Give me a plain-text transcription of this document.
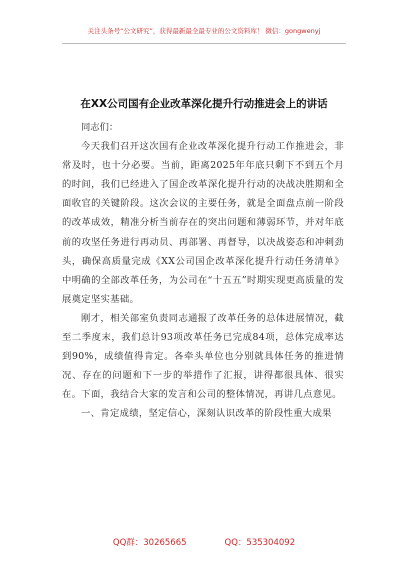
关注头条号“公文研究”，获得最新最全最专业的公文资料库！ 微信：gongwenyj
在XX公司国有企业改革深化提升行动推进会上的讲话

同志们：

今天我们召开这次国有企业改革深化提升行动工作推进会，非常及时，也十分必要。当前，距离2025年年底只剩下不到五个月的时间，我们已经进入了国企改革深化提升行动的决战决胜期和全面收官的关键阶段。这次会议的主要任务，就是全面盘点前一阶段的改革成效，精准分析当前存在的突出问题和薄弱环节，并对年底前的攻坚任务进行再动员、再部署、再督导，以决战姿态和冲刺劲头，确保高质量完成《XX公司国企改革深化提升行动任务清单》中明确的全部改革任务，为公司在“十五五”时期实现更高质量的发展奠定坚实基础。

刚才，相关部室负责同志通报了改革任务的总体进展情况，截至二季度末，我们总计93项改革任务已完成84项，总体完成率达到90%，成绩值得肯定。各牵头单位也分别就具体任务的推进情况、存在的问题和下一步的举措作了汇报，讲得都很具体、很实在。下面，我结合大家的发言和公司的整体情况，再讲几点意见。

一、肯定成绩，坚定信心，深刻认识改革的阶段性重大成果

QQ群：30265665	QQ：535304092
